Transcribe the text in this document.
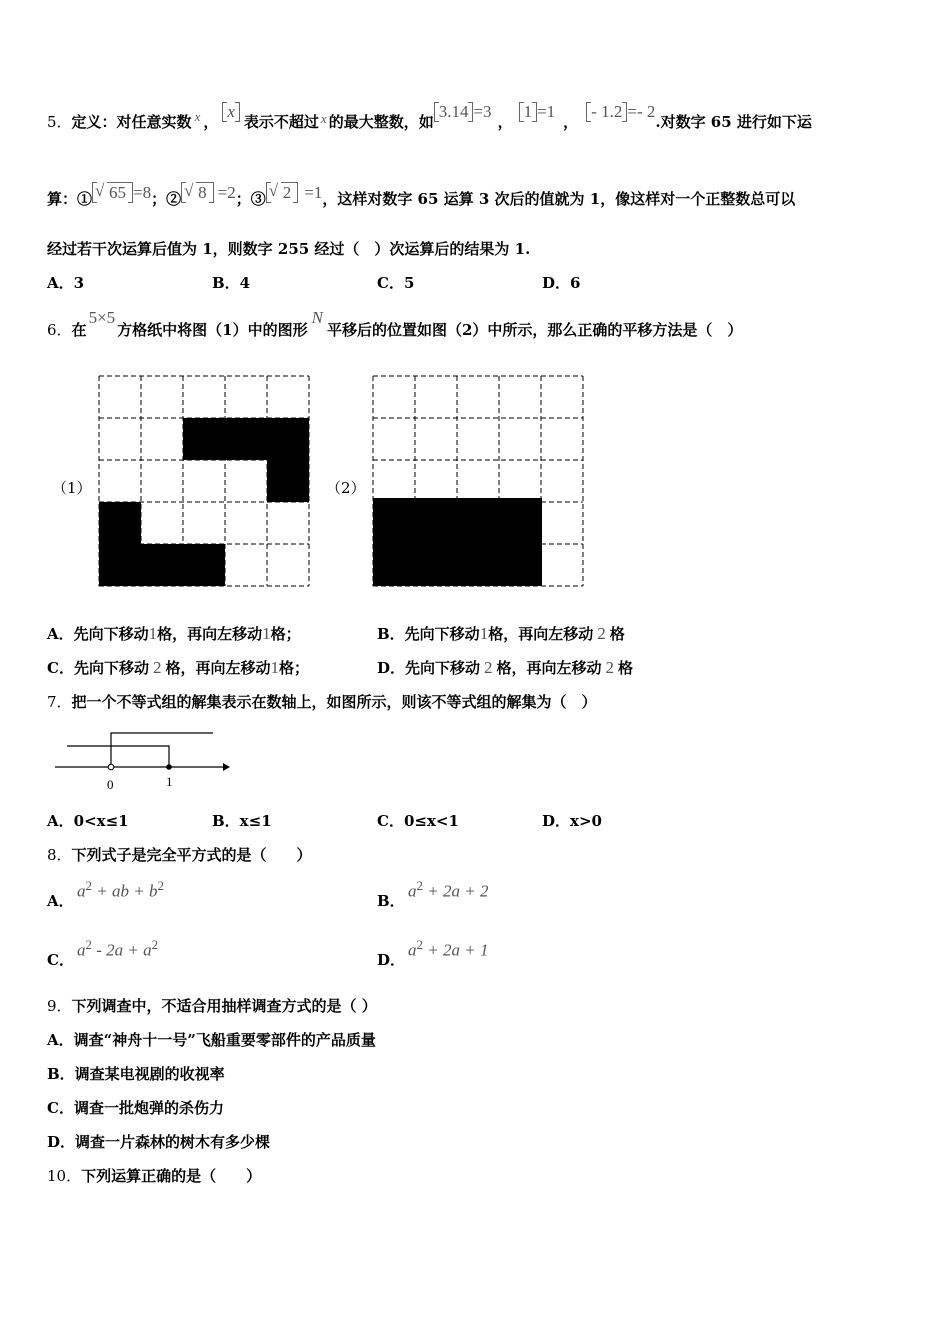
5．定义：对任意实数 x ，x表示不超过 x 的最大整数，如3.14 =3，1 =1，- 1.2 =- 2.对数字 65 进行如下运
算：① √ 65 =8；② √ 8 =2；③ √ 2 =1，这样对数字 65 运算 3 次后的值就为 1，像这样对一个正整数总可以
经过若干次运算后值为 1，则数字 255 经过（　）次运算后的结果为 1.
A．3	B．4	C．5	D．6
6．在5×5方格纸中将图（1）中的图形N平移后的位置如图（2）中所示，那么正确的平移方法是（　）
（1）	（2）
A．先向下移动1格，再向左移动1格；	B．先向下移动1格，再向左移动 2 格
C．先向下移动 2 格，再向左移动1格；	D．先向下移动 2 格，再向左移动 2 格
7．把一个不等式组的解集表示在数轴上，如图所示，则该不等式组的解集为（　）
0	1
A．0<x≤1	B．x≤1	C．0≤x<1	D．x>0
8．下列式子是完全平方式的是（　　）
A．
$a^2$ + ab + $b^2$
B．
$a^2 + 2a + 2$
C．
$a^2 - 2a + a^2$
D．
$a^2 + 2a + 1$
9．下列调查中，不适合用抽样调查方式的是（ ）
A．调查“神舟十一号”飞船重要零部件的产品质量
B．调查某电视剧的收视率
C．调查一批炮弹的杀伤力
D．调查一片森林的树木有多少棵
10．下列运算正确的是（　　）
